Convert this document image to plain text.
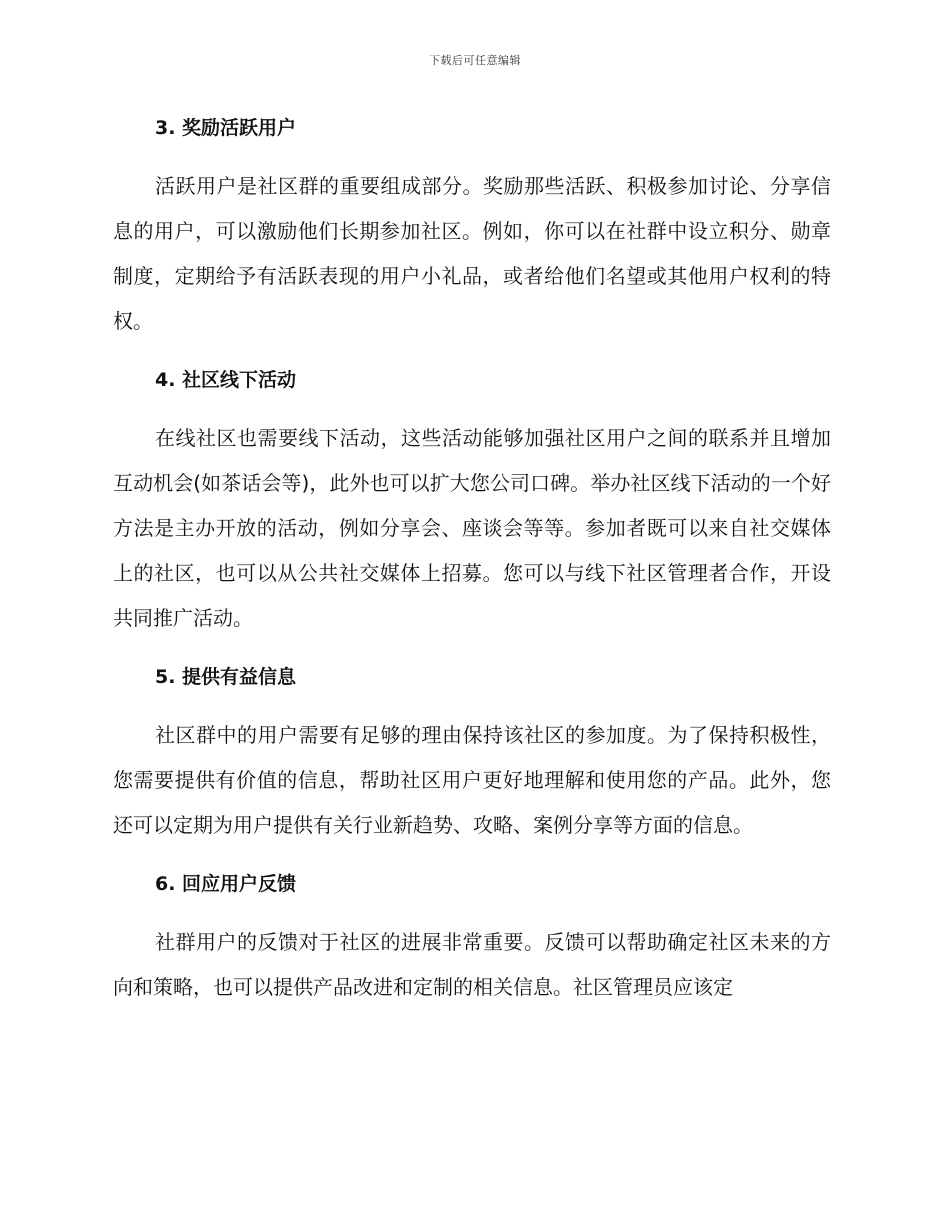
下载后可任意编辑
3. 奖励活跃用户

活跃用户是社区群的重要组成部分。奖励那些活跃、积极参加讨论、分享信息的用户，可以激励他们长期参加社区。例如，你可以在社群中设立积分、勋章制度，定期给予有活跃表现的用户小礼品，或者给他们名望或其他用户权利的特权。

4. 社区线下活动

在线社区也需要线下活动，这些活动能够加强社区用户之间的联系并且增加互动机会(如茶话会等)，此外也可以扩大您公司口碑。举办社区线下活动的一个好方法是主办开放的活动，例如分享会、座谈会等等。参加者既可以来自社交媒体上的社区，也可以从公共社交媒体上招募。您可以与线下社区管理者合作，开设共同推广活动。

5. 提供有益信息

社区群中的用户需要有足够的理由保持该社区的参加度。为了保持积极性，您需要提供有价值的信息，帮助社区用户更好地理解和使用您的产品。此外，您还可以定期为用户提供有关行业新趋势、攻略、案例分享等方面的信息。

6. 回应用户反馈

社群用户的反馈对于社区的进展非常重要。反馈可以帮助确定社区未来的方向和策略，也可以提供产品改进和定制的相关信息。社区管理员应该定
